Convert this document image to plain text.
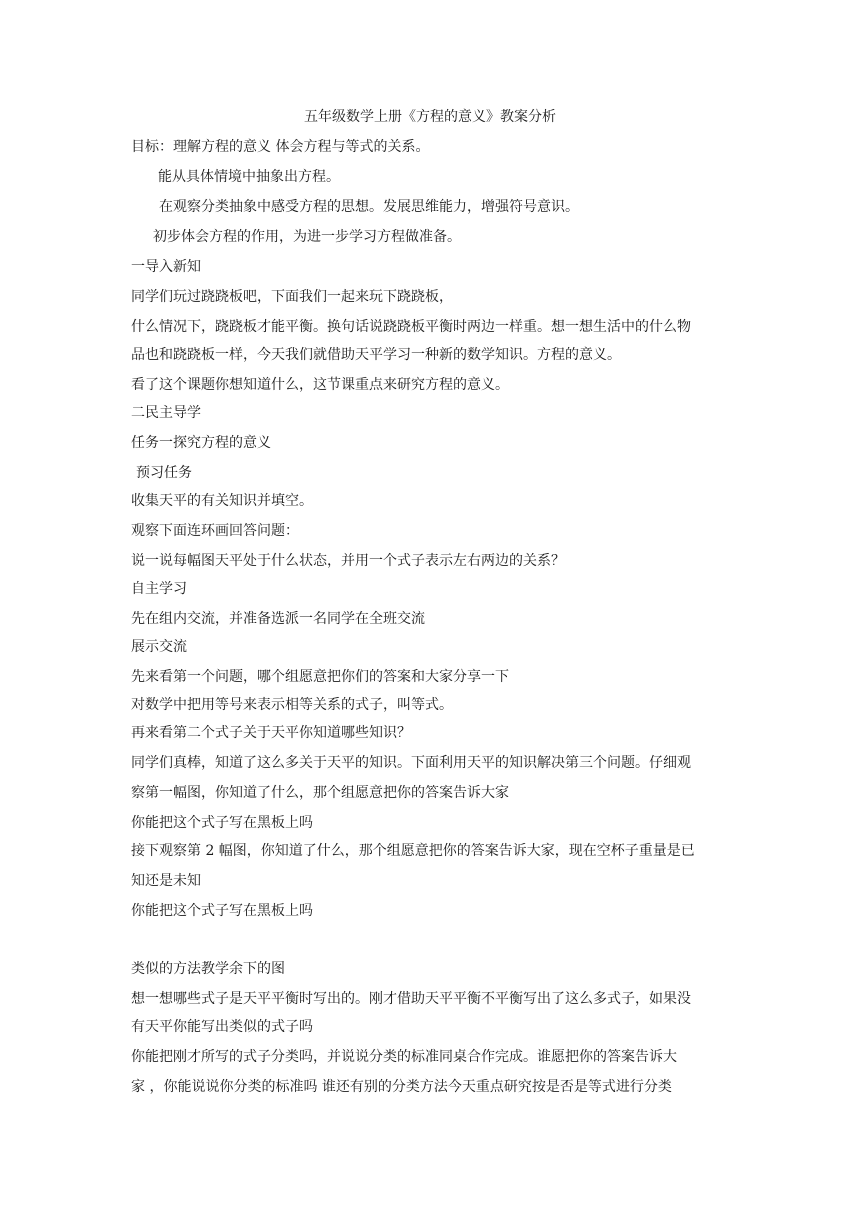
五年级数学上册《方程的意义》教案分析
目标：理解方程的意义 体会方程与等式的关系。
能从具体情境中抽象出方程。
在观察分类抽象中感受方程的思想。发展思维能力，增强符号意识。
初步体会方程的作用，为进一步学习方程做准备。
一导入新知
同学们玩过跷跷板吧，下面我们一起来玩下跷跷板，
什么情况下，跷跷板才能平衡。换句话说跷跷板平衡时两边一样重。想一想生活中的什么物
品也和跷跷板一样，今天我们就借助天平学习一种新的数学知识。方程的意义。
看了这个课题你想知道什么，这节课重点来研究方程的意义。
二民主导学
任务一探究方程的意义
预习任务
收集天平的有关知识并填空。
观察下面连环画回答问题：
说一说每幅图天平处于什么状态，并用一个式子表示左右两边的关系？
自主学习
先在组内交流，并准备选派一名同学在全班交流
展示交流
先来看第一个问题，哪个组愿意把你们的答案和大家分享一下
对数学中把用等号来表示相等关系的式子，叫等式。
再来看第二个式子关于天平你知道哪些知识？
同学们真棒，知道了这么多关于天平的知识。下面利用天平的知识解决第三个问题。仔细观
察第一幅图，你知道了什么，那个组愿意把你的答案告诉大家
你能把这个式子写在黑板上吗
接下观察第 2 幅图，你知道了什么，那个组愿意把你的答案告诉大家，现在空杯子重量是已
知还是未知
你能把这个式子写在黑板上吗
类似的方法教学余下的图
想一想哪些式子是天平平衡时写出的。刚才借助天平平衡不平衡写出了这么多式子，如果没
有天平你能写出类似的式子吗
你能把刚才所写的式子分类吗，并说说分类的标准同桌合作完成。谁愿把你的答案告诉大
家 ，你能说说你分类的标准吗 谁还有别的分类方法今天重点研究按是否是等式进行分类
